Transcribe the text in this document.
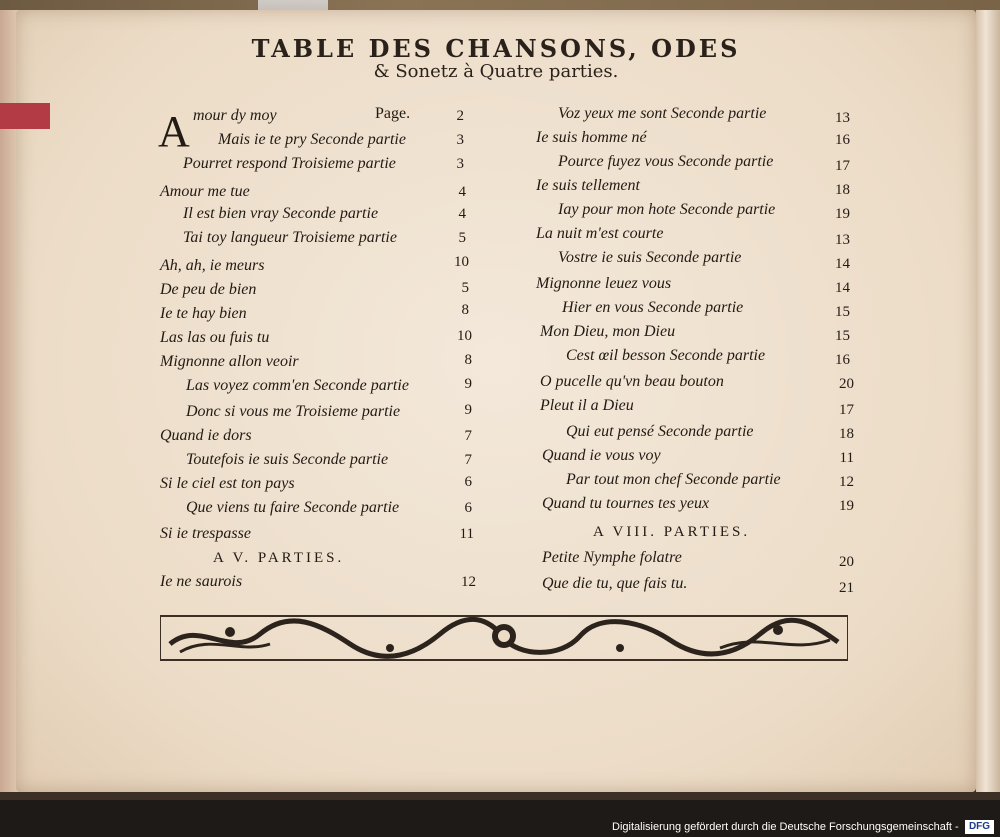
TABLE DES CHANSONS, ODES
& Sonetz à Quatre parties.
A mour dy moy	Page.	2
Mais ie te pry Seconde partie	3
Pourret respond Troisieme partie	3
Amour me tue	4
Il est bien vray Seconde partie	4
Tai toy langueur Troisieme partie	5
Ah, ah, ie meurs	10
De peu de bien	5
Ie te hay bien	8
Las las ou fuis tu	10
Mignonne allon veoir	8
Las voyez comm'en Seconde partie	9
Donc si vous me Troisieme partie	9
Quand ie dors	7
Toutefois ie suis Seconde partie	7
Si le ciel est ton pays	6
Que viens tu faire Seconde partie	6
Si ie trespasse	11
A V. PARTIES.
Ie ne saurois	12
Voz yeux me sont Seconde partie	13
Ie suis homme né	16
Pource fuyez vous Seconde partie	17
Ie suis tellement	18
Iay pour mon hote Seconde partie	19
La nuit m'est courte	13
Vostre ie suis Seconde partie	14
Mignonne leuez vous	14
Hier en vous Seconde partie	15
Mon Dieu, mon Dieu	15
Cest œil besson Seconde partie	16
O pucelle qu'vn beau bouton	20
Pleut il a Dieu	17
Qui eut pensé Seconde partie	18
Quand ie vous voy	11
Par tout mon chef Seconde partie	12
Quand tu tournes tes yeux	19
A VIII. PARTIES.
Petite Nymphe folatre	20
Que die tu, que fais tu.	21
Digitalisierung gefördert durch die Deutsche Forschungsgemeinschaft -	DFG
